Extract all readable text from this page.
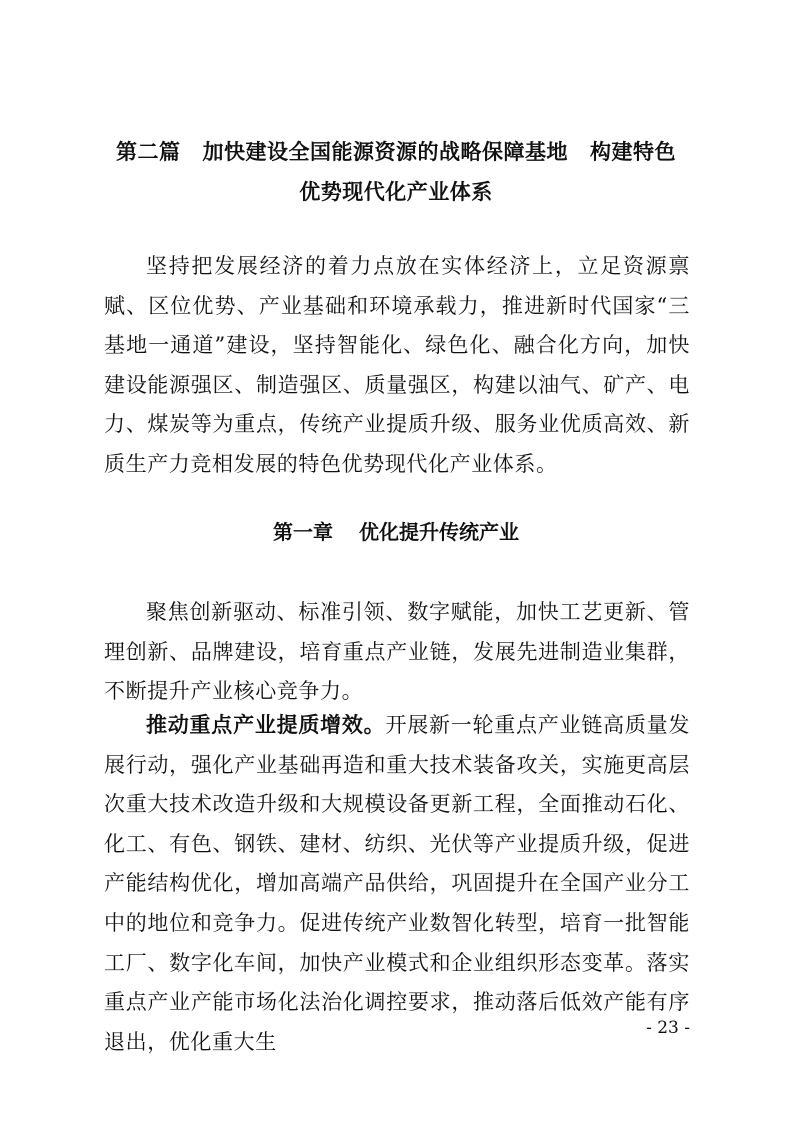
第二篇 加快建设全国能源资源的战略保障基地 构建特色
优势现代化产业体系

坚持把发展经济的着力点放在实体经济上，立足资源禀赋、区位优势、产业基础和环境承载力，推进新时代国家“三基地一通道”建设，坚持智能化、绿色化、融合化方向，加快建设能源强区、制造强区、质量强区，构建以油气、矿产、电力、煤炭等为重点，传统产业提质升级、服务业优质高效、新质生产力竞相发展的特色优势现代化产业体系。

第一章 优化提升传统产业

聚焦创新驱动、标准引领、数字赋能，加快工艺更新、管理创新、品牌建设，培育重点产业链，发展先进制造业集群，不断提升产业核心竞争力。

推动重点产业提质增效。开展新一轮重点产业链高质量发展行动，强化产业基础再造和重大技术装备攻关，实施更高层次重大技术改造升级和大规模设备更新工程，全面推动石化、化工、有色、钢铁、建材、纺织、光伏等产业提质升级，促进产能结构优化，增加高端产品供给，巩固提升在全国产业分工中的地位和竞争力。促进传统产业数智化转型，培育一批智能工厂、数字化车间，加快产业模式和企业组织形态变革。落实重点产业产能市场化法治化调控要求，推动落后低效产能有序退出，优化重大生

- 23 -
